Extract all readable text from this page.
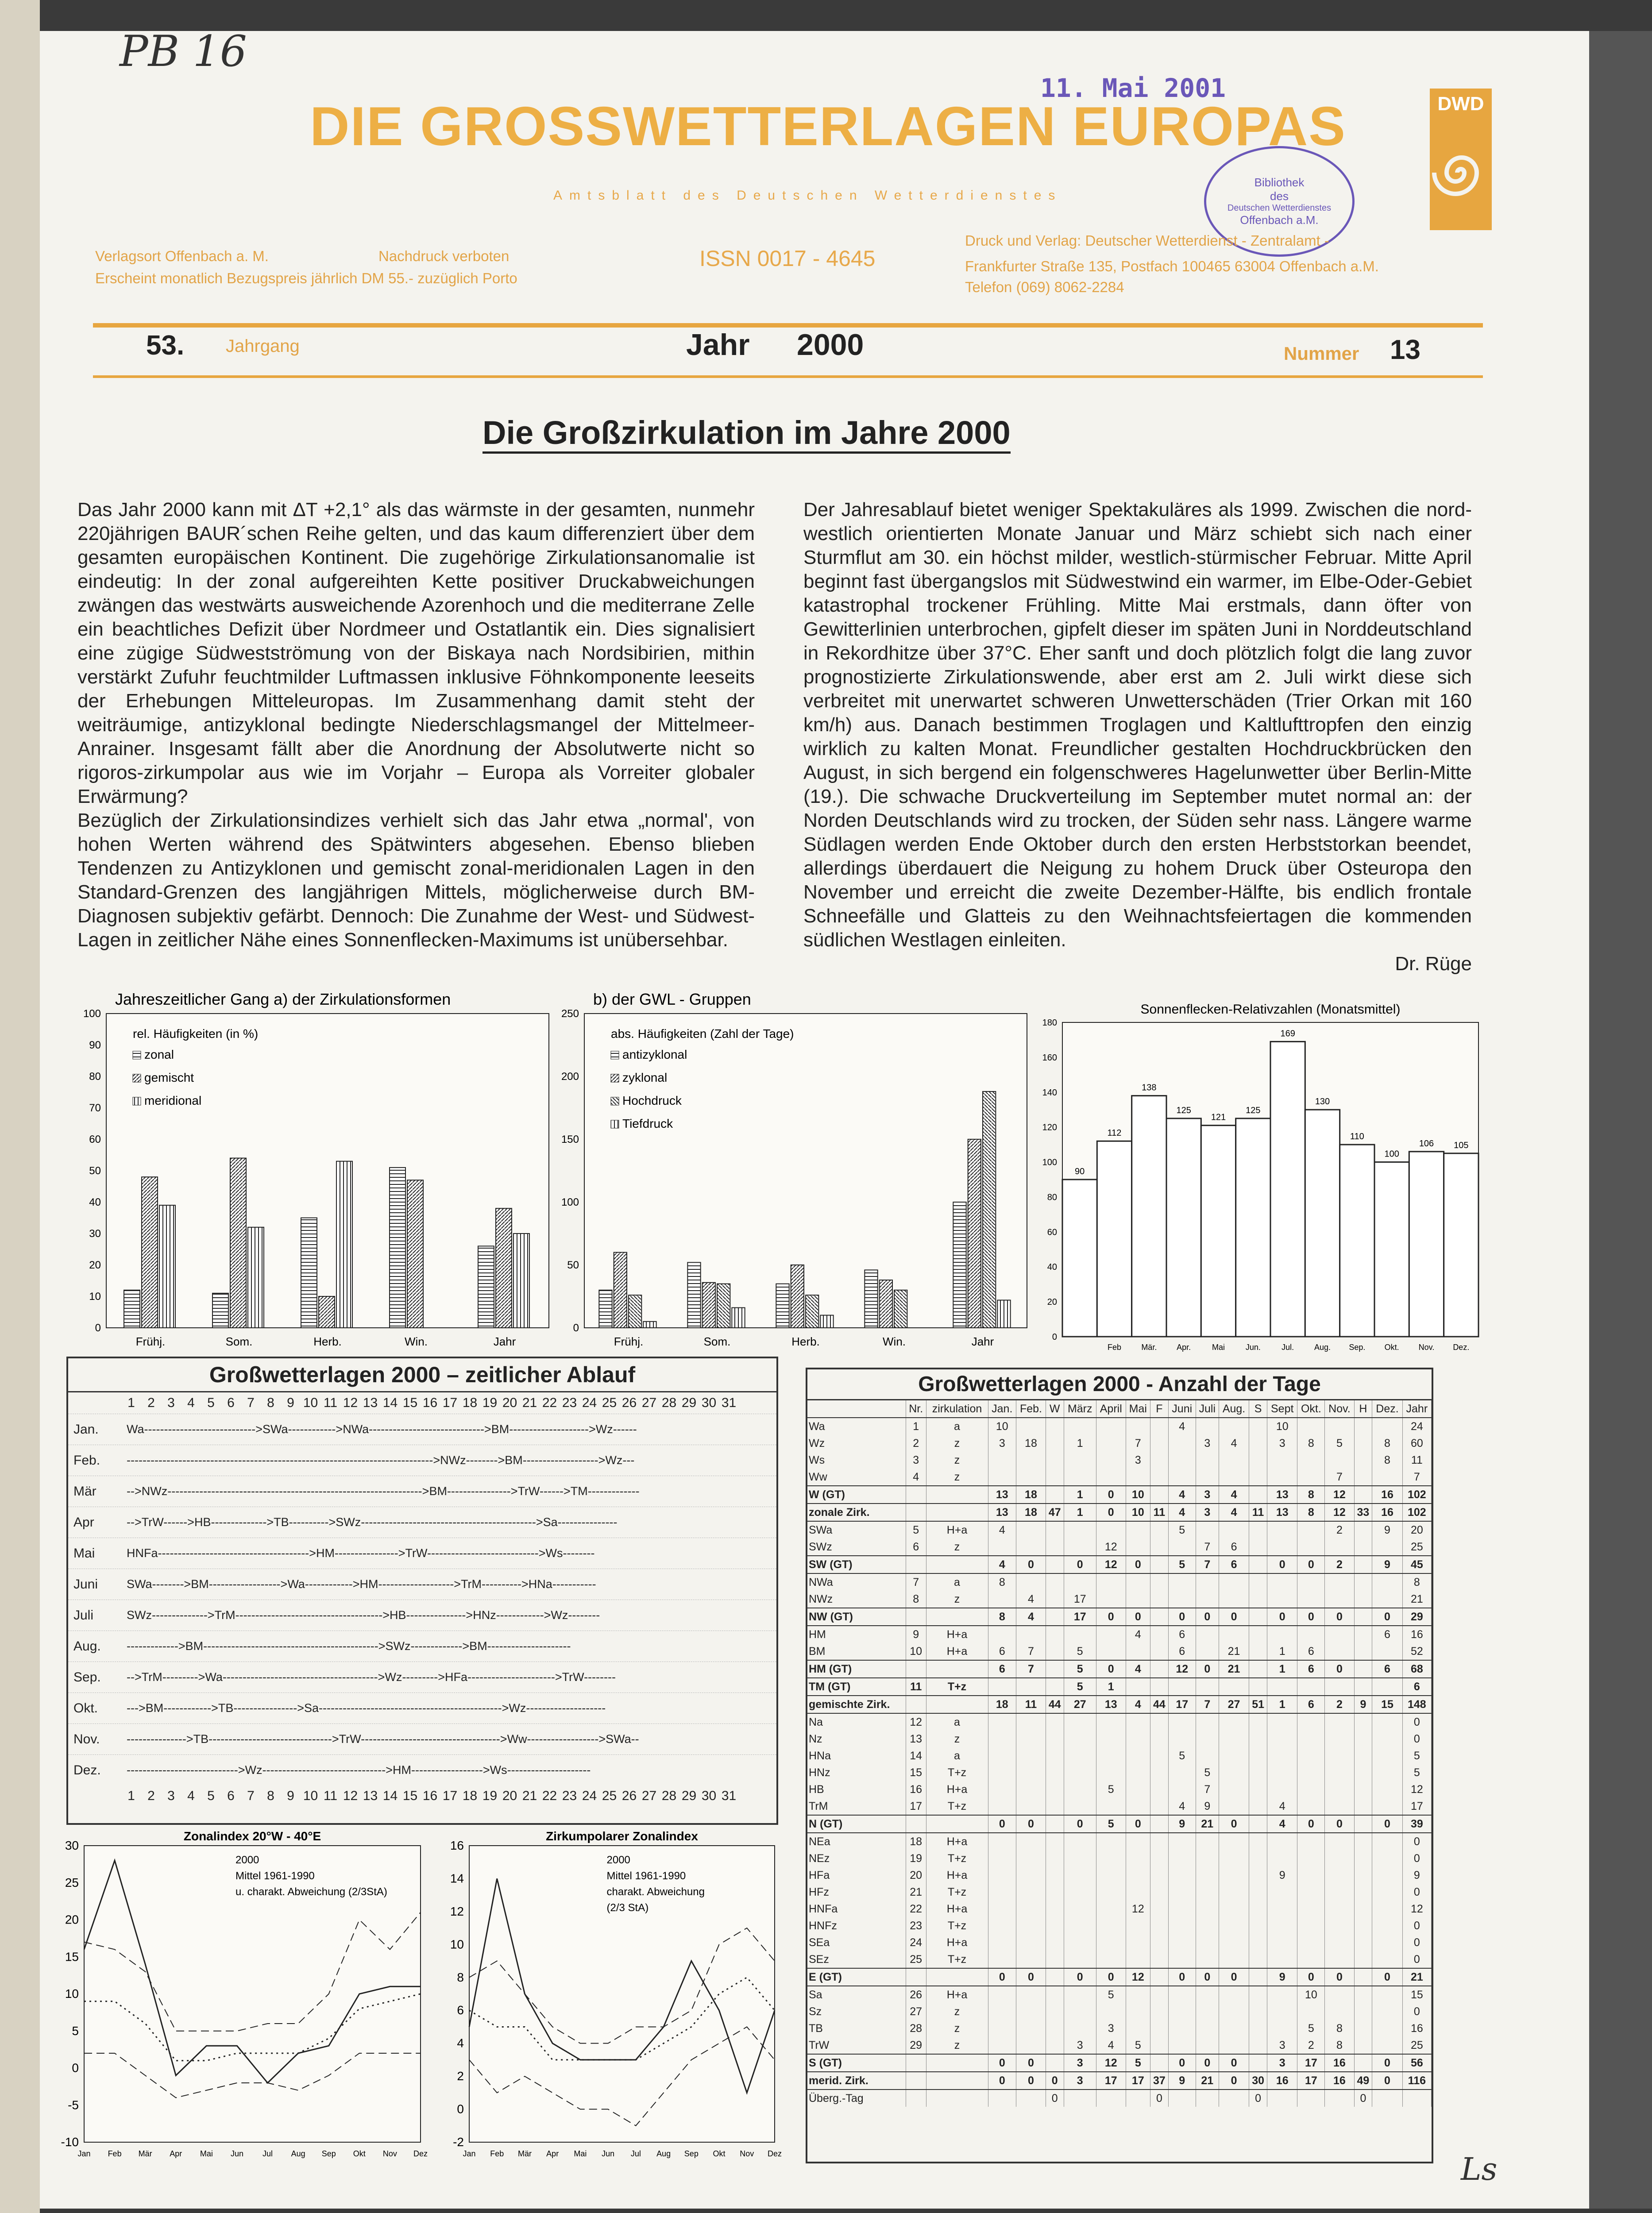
PB 16
Ls
11. Mai 2001
Bibliothek
des
Deutschen Wetterdienstes
Offenbach a.M.
DIE GROSSWETTERLAGEN EUROPAS
Amtsblatt des Deutschen Wetterdienstes
DWD
Verlagsort Offenbach a. M.	Nachdruck verboten
Erscheint monatlich Bezugspreis jährlich DM 55.- zuzüglich Porto
ISSN 0017 - 4645
Druck und Verlag: Deutscher Wetterdienst - Zentralamt -
Frankfurter Straße 135, Postfach 100465 63004 Offenbach a.M.
Telefon (069) 8062-2284
53. Jahrgang	Jahr 2000	Nummer 13
Die Großzirkulation im Jahre 2000
Das Jahr 2000 kann mit ΔT +2,1° als das wärmste in der gesamten, nunmehr 220jährigen BAUR´schen Reihe gelten, und das kaum differenziert über dem gesamten europäischen Kontinent. Die zugehörige Zirkulationsanomalie ist eindeutig: In der zonal aufgereihten Kette positiver Druckabweichungen zwängen das westwärts ausweichende Azorenhoch und die mediterrane Zelle ein beachtliches Defizit über Nordmeer und Ostatlantik ein. Dies signalisiert eine zügige Südwestströmung von der Biskaya nach Nordsibirien, mithin verstärkt Zufuhr feuchtmilder Luftmassen inklusive Föhnkomponente leeseits der Erhebungen Mitteleuropas. Im Zusammenhang damit steht der weiträumige, antizyklonal bedingte Niederschlagsmangel der Mittelmeer-Anrainer. Insgesamt fällt aber die Anordnung der Absolutwerte nicht so rigoros-zirkumpolar aus wie im Vorjahr – Europa als Vorreiter globaler Erwärmung?
Bezüglich der Zirkulationsindizes verhielt sich das Jahr etwa „normal', von hohen Werten während des Spätwinters abgesehen. Ebenso blieben Tendenzen zu Antizyklonen und gemischt zonal-meridionalen Lagen in den Standard-Grenzen des langjährigen Mittels, möglicherweise durch BM-Diagnosen subjektiv gefärbt. Dennoch: Die Zunahme der West- und Südwest-Lagen in zeitlicher Nähe eines Sonnenflecken-Maximums ist unübersehbar.
Der Jahresablauf bietet weniger Spektakuläres als 1999. Zwischen die nord-westlich orientierten Monate Januar und März schiebt sich nach einer Sturmflut am 30. ein höchst milder, westlich-stürmischer Februar. Mitte April beginnt fast übergangslos mit Südwestwind ein warmer, im Elbe-Oder-Gebiet katastrophal trockener Frühling. Mitte Mai erstmals, dann öfter von Gewitterlinien unterbrochen, gipfelt dieser im späten Juni in Norddeutschland in Rekordhitze über 37°C. Eher sanft und doch plötzlich folgt die lang zuvor prognostizierte Zirkulationswende, aber erst am 2. Juli wirkt diese sich verbreitet mit unerwartet schweren Unwetterschäden (Trier Orkan mit 160 km/h) aus. Danach bestimmen Troglagen und Kaltlufttropfen den einzig wirklich zu kalten Monat. Freundlicher gestalten Hochdruckbrücken den August, in sich bergend ein folgenschweres Hagelunwetter über Berlin-Mitte (19.). Die schwache Druckverteilung im September mutet normal an: der Norden Deutschlands wird zu trocken, der Süden sehr nass. Längere warme Südlagen werden Ende Oktober durch den ersten Herbststorkan beendet, allerdings überdauert die Neigung zu hohem Druck über Osteuropa den November und erreicht die zweite Dezember-Hälfte, bis endlich frontale Schneefälle und Glatteis zu den Weihnachtsfeiertagen die kommenden südlichen Westlagen einleiten.
Dr. Rüge
0
10
20
30
40
50
60
70
80
90
100
Frühj.	Som.	Herb.	Win.	Jahr
Jahreszeitlicher Gang a) der Zirkulationsformen
rel. Häufigkeiten (in %)
zonal
gemischt
meridional
0
50
100
150
200
250
Frühj.	Som.	Herb.	Win.	Jahr
b) der GWL - Gruppen
abs. Häufigkeiten (Zahl der Tage)
antizyklonal
zyklonal
Hochdruck
Tiefdruck
Sonnenflecken-Relativzahlen (Monatsmittel)
0
20
40
60
80
100
120
140
160
180
90
112
138
125
121
125
169
130
110
100
106 105
Feb	Mär. Apr.	Mai	Jun.	Jul.	Aug. Sep. Okt. Nov. Dez.
Zonalindex 20°W - 40°E
-10
-5
0
5
10
15
20
25
30
Jan Feb Mär Apr Mai Jun Jul Aug Sep Okt Nov Dez
2000
Mittel 1961-1990
u. charakt. Abweichung (2/3StA)
Zirkumpolarer Zonalindex
-2
0
2
4
6
8
10
12
14
16
Jan Feb Mär Apr Mai Jun Jul Aug Sep Okt Nov Dez
2000
Mittel 1961-1990
charakt. Abweichung
(2/3 StA)
Großwetterlagen 2000 – zeitlicher Ablauf
1 2 3 4 5 6 7 8 9 10 11 12 13 14 15 16 17 18 19 20 21 22 23 24 25 26 27 28 29 30 31
Jan.	Wa---------------------------->SWa------------>NWa----------------------------->BM-------------------->Wz------
Feb.	----------------------------------------------------------------------------->NWz-------->BM------------------->Wz---
Mär	-->NWz---------------------------------------------------------------->BM---------------->TrW------>TM-------------
Apr	-->TrW------>HB-------------->TB---------->SWz-------------------------------------------->Sa---------------
Mai	HNFa-------------------------------------->HM---------------->TrW---------------------------->Ws--------
Juni	SWa-------->BM------------------>Wa------------>HM------------------->TrM---------->HNa-----------
Juli	SWz-------------->TrM------------------------------------->HB--------------->HNz------------>Wz--------
Aug.	------------->BM-------------------------------------------->SWz------------->BM---------------------
Sep.	-->TrM--------->Wa--------------------------------------->Wz--------->HFa---------------------->TrW--------
Okt.	--->BM------------>TB---------------->Sa---------------------------------------------->Wz--------------------
Nov.	--------------->TB------------------------------->TrW----------------------------------->Ww------------------>SWa--
Dez.	---------------------------->Wz------------------------------->HM------------------>Ws---------------------
1 2 3 4 5 6 7 8 9 10 11 12 13 14 15 16 17 18 19 20 21 22 23 24 25 26 27 28 29 30 31
Großwetterlagen 2000 - Anzahl der Tage
	Nr.	zirkulation	Jan.	Feb.	W	März	April	Mai	F	Juni	Juli	Aug.	S	Sept	Okt.	Nov.	H	Dez.	Jahr
Wa	1	a	10							4				10					24
Wz	2	z	3	18		1		7			3	4		3	8	5		8	60
Ws	3	z						3										8	11
Ww	4	z														7			7
W (GT)			13	18		1	0	10		4	3	4		13	8	12		16	102
zonale Zirk.			13	18	47	1	0	10	11	4	3	4	11	13	8	12	33	16	102
SWa	5	H+a	4							5						2		9	20
SWz	6	z					12				7	6							25
SW (GT)			4	0		0	12	0		5	7	6		0	0	2		9	45
NWa	7	a	8																8
NWz	8	z		4		17													21
NW (GT)			8	4		17	0	0		0	0	0		0	0	0		0	29
HM	9	H+a						4		6								6	16
BM	10	H+a	6	7		5				6		21		1	6				52
HM (GT)			6	7		5	0	4		12	0	21		1	6	0		6	68
TM (GT)	11	T+z				5	1												6
gemischte Zirk.			18	11	44	27	13	4	44	17	7	27	51	1	6	2	9	15	148
Na	12	a																	0
Nz	13	z																	0
HNa	14	a								5									5
HNz	15	T+z									5								5
HB	16	H+a					5				7								12
TrM	17	T+z								4	9			4					17
N (GT)			0	0		0	5	0		9	21	0		4	0	0		0	39
NEa	18	H+a																	0
NEz	19	T+z																	0
HFa	20	H+a												9					9
HFz	21	T+z																	0
HNFa	22	H+a						12											12
HNFz	23	T+z																	0
SEa	24	H+a																	0
SEz	25	T+z																	0
E (GT)			0	0		0	0	12		0	0	0		9	0	0		0	21
Sa	26	H+a					5								10				15
Sz	27	z																	0
TB	28	z					3								5	8			16
TrW	29	z				3	4	5						3	2	8			25
S (GT)			0	0		3	12	5		0	0	0		3	17	16		0	56
merid. Zirk.			0	0	0	3	17	17	37	9	21	0	30	16	17	16	49	0	116
Überg.-Tag					0				0				0				0		
